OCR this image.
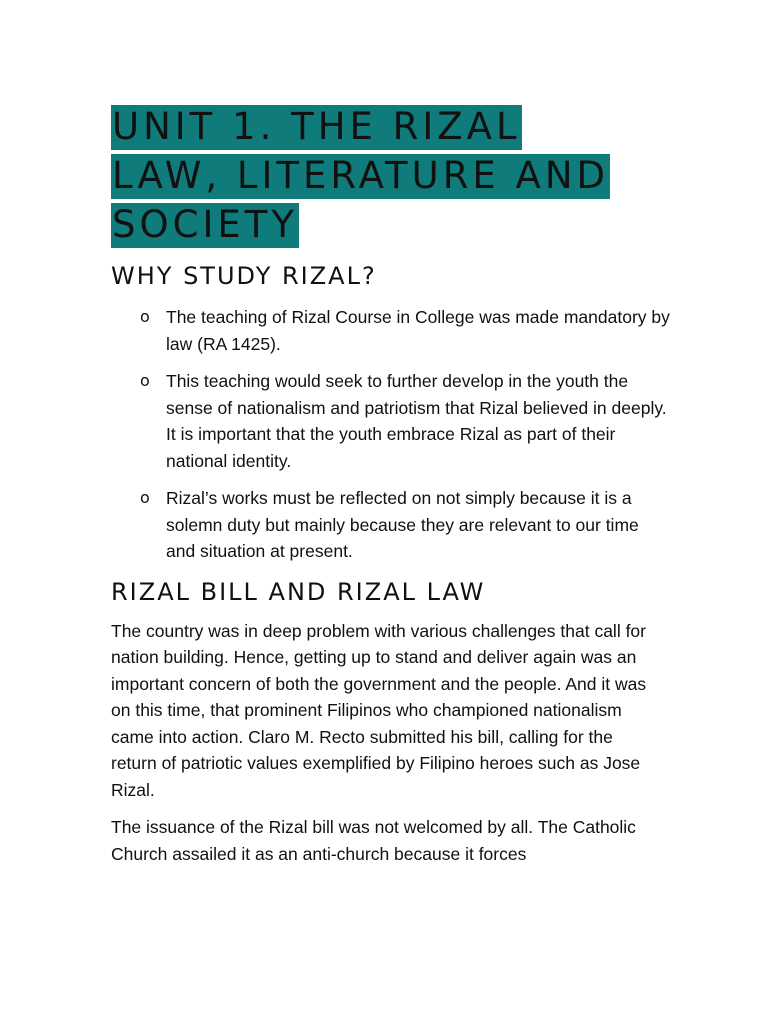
UNIT 1. THE RIZAL
LAW, LITERATURE AND
SOCIETY
WHY STUDY RIZAL?
o The teaching of Rizal Course in College was made mandatory by law (RA 1425).
o This teaching would seek to further develop in the youth the sense of nationalism and patriotism that Rizal believed in deeply. It is important that the youth embrace Rizal as part of their national identity.
o Rizal’s works must be reflected on not simply because it is a solemn duty but mainly because they are relevant to our time and situation at present.
RIZAL BILL AND RIZAL LAW

The country was in deep problem with various challenges that call for nation building. Hence, getting up to stand and deliver again was an important concern of both the government and the people. And it was on this time, that prominent Filipinos who championed nationalism came into action. Claro M. Recto submitted his bill, calling for the return of patriotic values exemplified by Filipino heroes such as Jose Rizal.

The issuance of the Rizal bill was not welcomed by all. The Catholic Church assailed it as an anti-church because it forces
